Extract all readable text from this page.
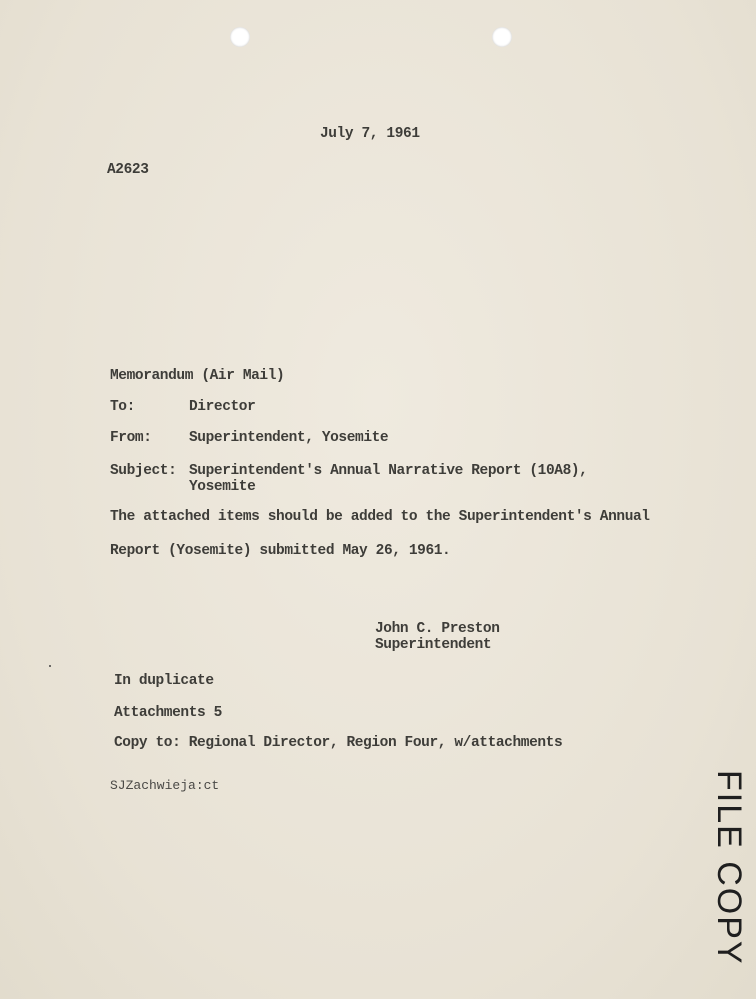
July 7, 1961
A2623
Memorandum (Air Mail)
To:	Director
From:	Superintendent, Yosemite
Subject: Superintendent's Annual Narrative Report (10A8),
Yosemite
The attached items should be added to the Superintendent's Annual
Report (Yosemite) submitted May 26, 1961.
John C. Preston
Superintendent
In duplicate
Attachments 5
Copy to: Regional Director, Region Four, w/attachments
SJZachwieja:ct	FILE COPY
